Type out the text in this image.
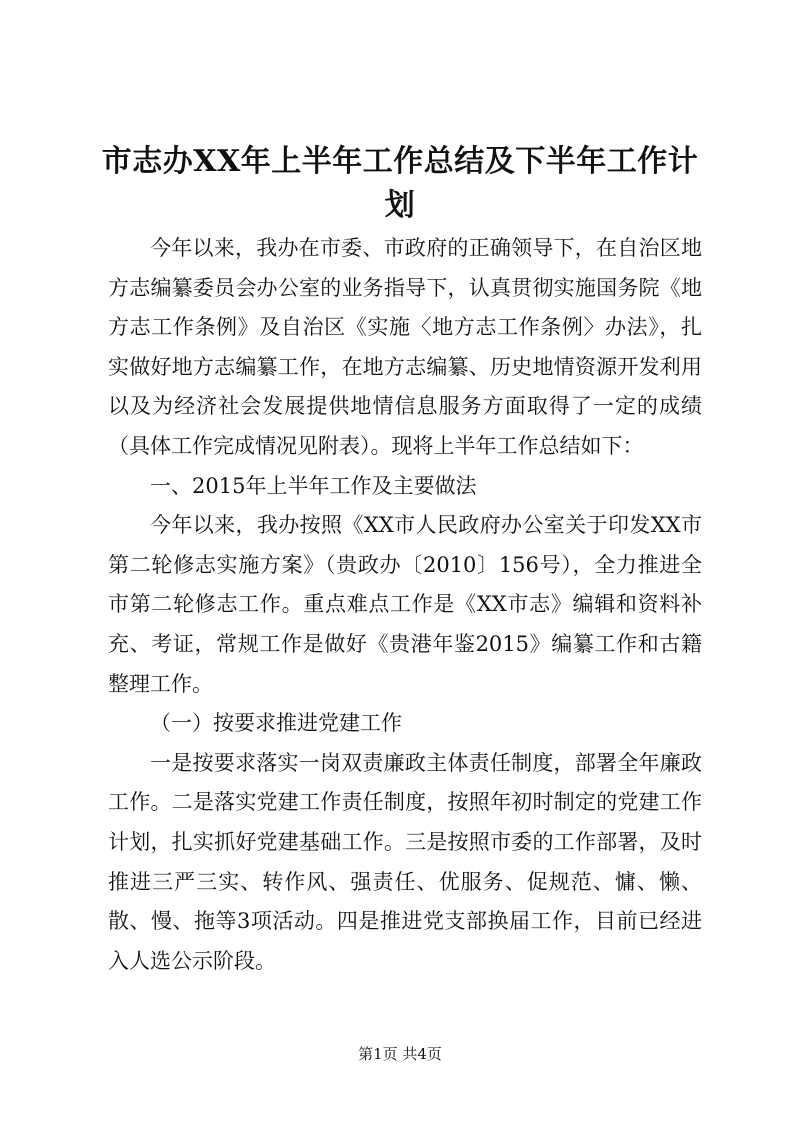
市志办XX年上半年工作总结及下半年工作计划

今年以来，我办在市委、市政府的正确领导下，在自治区地方志编纂委员会办公室的业务指导下，认真贯彻实施国务院《地方志工作条例》及自治区《实施〈地方志工作条例〉办法》，扎实做好地方志编纂工作，在地方志编纂、历史地情资源开发利用以及为经济社会发展提供地情信息服务方面取得了一定的成绩（具体工作完成情况见附表）。现将上半年工作总结如下：

一、2015年上半年工作及主要做法

今年以来，我办按照《XX市人民政府办公室关于印发XX市第二轮修志实施方案》（贵政办〔2010〕156号），全力推进全市第二轮修志工作。重点难点工作是《XX市志》编辑和资料补充、考证，常规工作是做好《贵港年鉴2015》编纂工作和古籍整理工作。

（一）按要求推进党建工作

一是按要求落实一岗双责廉政主体责任制度，部署全年廉政工作。二是落实党建工作责任制度，按照年初时制定的党建工作计划，扎实抓好党建基础工作。三是按照市委的工作部署，及时推进三严三实、转作风、强责任、优服务、促规范、慵、懒、散、慢、拖等3项活动。四是推进党支部换届工作，目前已经进入人选公示阶段。

第1页 共4页
